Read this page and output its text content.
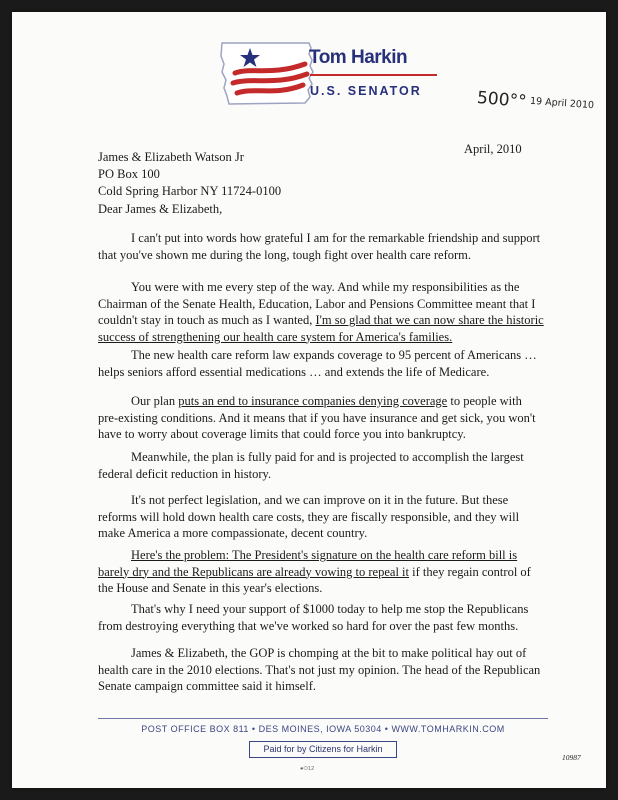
Tom Harkin
U.S. SENATOR	500°° 19 April 2010
April, 2010
James & Elizabeth Watson Jr
PO Box 100
Cold Spring Harbor NY 11724-0100

Dear James & Elizabeth,

I can't put into words how grateful I am for the remarkable friendship and support that you've shown me during the long, tough fight over health care reform.

You were with me every step of the way. And while my responsibilities as the Chairman of the Senate Health, Education, Labor and Pensions Committee meant that I couldn't stay in touch as much as I wanted, I'm so glad that we can now share the historic success of strengthening our health care system for America's families.

The new health care reform law expands coverage to 95 percent of Americans … helps seniors afford essential medications … and extends the life of Medicare.

Our plan puts an end to insurance companies denying coverage to people with pre-existing conditions. And it means that if you have insurance and get sick, you won't have to worry about coverage limits that could force you into bankruptcy.

Meanwhile, the plan is fully paid for and is projected to accomplish the largest federal deficit reduction in history.

It's not perfect legislation, and we can improve on it in the future. But these reforms will hold down health care costs, they are fiscally responsible, and they will make America a more compassionate, decent country.

Here's the problem: The President's signature on the health care reform bill is barely dry and the Republicans are already vowing to repeal it if they regain control of the House and Senate in this year's elections.

That's why I need your support of $1000 today to help me stop the Republicans from destroying everything that we've worked so hard for over the past few months.

James & Elizabeth, the GOP is chomping at the bit to make political hay out of health care in the 2010 elections. That's not just my opinion. The head of the Republican Senate campaign committee said it himself.

POST OFFICE BOX 811 • DES MOINES, IOWA 50304 • WWW.TOMHARKIN.COM
Paid for by Citizens for Harkin
10987
●⬭12
